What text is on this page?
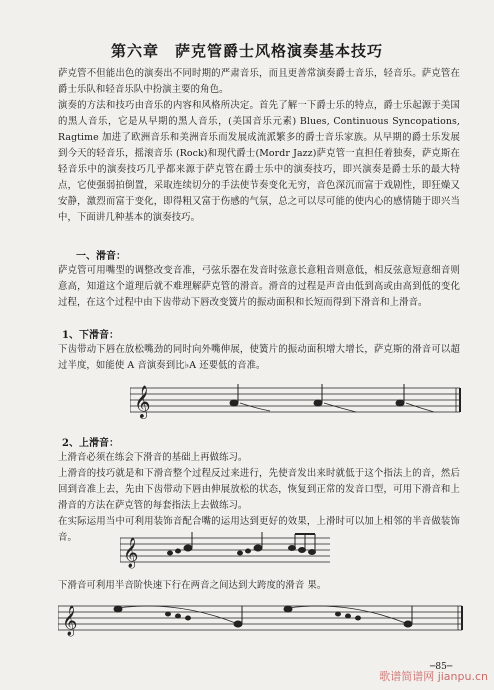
第六章 萨克管爵士风格演奏基本技巧
萨克管不但能出色的演奏出不同时期的严肃音乐，而且更善常演奏爵士音乐，轻音乐。萨克管在爵士乐队和轻音乐队中扮演主要的角色。
演奏的方法和技巧由音乐的内容和风格所决定。首先了解一下爵士乐的特点，爵士乐起源于美国的黑人音乐，它是从早期的黑人音乐，(美国音乐元素) Blues, Continuous Syncopations, Ragtime 加进了欧洲音乐和美洲音乐而发展成流派繁多的爵士音乐家族。从早期的爵士乐发展到今天的轻音乐，摇滚音乐 (Rock)和现代爵士(Mordr Jazz)萨克管一直担任着独奏，萨克斯在轻音乐中的演奏技巧几乎都来源于萨克管在爵士乐中的演奏技巧，即兴演奏是爵士乐的最大特点，它使强弱拍倒置，采取连续切分的手法使节奏变化无穷，音色深沉而富于戏剧性，即狂燥又安静，激烈而富于变化，即得粗又富于伤感的气氛，总之可以尽可能的使内心的感情随于即兴当中，下面讲几种基本的演奏技巧。
一、滑音：
萨克管可用嘴型的调整改变音准，弓弦乐器在发音时弦意长意粗音则意低，相反弦意短意细音则意高，知道这个道理后就不难理解萨克管的滑音。滑音的过程是声音由低到高或由高到低的变化过程，在这个过程中由下齿带动下唇改变簧片的振动面积和长短而得到下滑音和上滑音。
1、下滑音：
下齿带动下唇在放松嘴劲的同时向外嘴伸展，使簧片的振动面积增大增长，萨克斯的滑音可以超过半度，如能使 A 音演奏到比♭A 还要低的音准。
𝄞
2、上滑音：
上滑音必须在练会下滑音的基础上再做练习。
上滑音的技巧就是和下滑音整个过程反过来进行，先使音发出来时就低于这个指法上的音，然后回到音准上去，先由下齿带动下唇由伸展放松的状态，恢复到正常的发音口型，可用下滑音和上滑音的方法在萨克管的每套指法上去做练习。
在实际运用当中可利用装饰音配合嘴的运用达到更好的效果，上滑时可以加上相邻的半音做装饰音。
𝄞
下滑音可利用半音阶快速下行在两音之间达到大跨度的滑音 果。
𝄞
─85─
歌谱简谱网 jianpu.cn
